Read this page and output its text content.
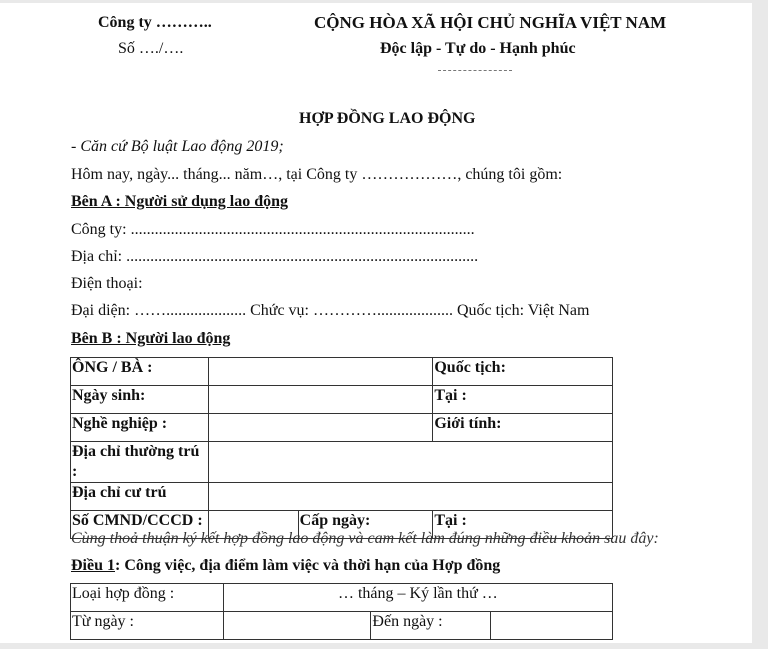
Công ty ………..
Số …./….
CỘNG HÒA XÃ HỘI CHỦ NGHĨA VIỆT NAM
Độc lập - Tự do - Hạnh phúc
HỢP ĐỒNG LAO ĐỘNG
- Căn cứ Bộ luật Lao động 2019;
Hôm nay, ngày... tháng... năm…, tại Công ty ………………, chúng tôi gồm:
Bên A : Người sử dụng lao động
Công ty: ......................................................................................
Địa chỉ: ........................................................................................
Điện thoại:
Đại diện: …….................... Chức vụ: …………................... Quốc tịch: Việt Nam
Bên B : Người lao động
ÔNG / BÀ :			Quốc tịch:
Ngày sinh:			Tại :
Nghề nghiệp :			Giới tính:
Địa chỉ thường trú :			
Địa chỉ cư trú			
Số CMND/CCCD :		Cấp ngày:	Tại :
Cùng thoả thuận ký kết hợp đồng lao động và cam kết làm đúng những điều khoản sau đây:
Điều 1: Công việc, địa điểm làm việc và thời hạn của Hợp đồng
Loại hợp đồng :	… tháng – Ký lần thứ …		
Từ ngày :		Đến ngày :	
